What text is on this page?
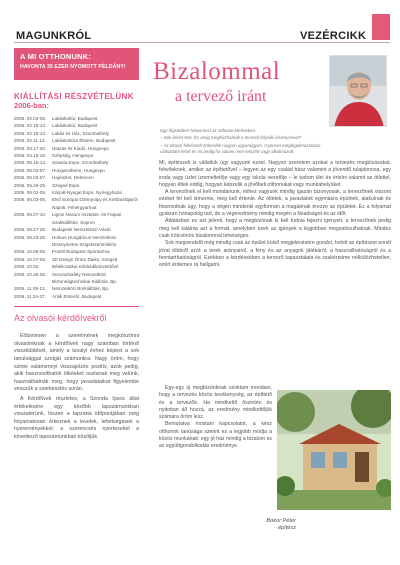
MAGUNKRÓL	VEZÉRCIKK
A MI OTTHONUNK:
HAVONTA 35 EZER NYOMOTT PÉLDÁNY!
KIÁLLÍTÁSI RÉSZVÉTELÜNK
2006-ban:
2006. 02.03-05.	Lakáskultúr, Budapest
2006. 02.10-13.	Lakáskultúr, Budapest
2006. 02.10-13.	Lakás és Ház, Szombathely
2006. 02.11-13.	Lakáskultúra Életem, Budapest
2006. 03.17-20.	Utazás és Kiadó, Hungexpo
2006. 04.15-16.	Szépség, Hungexpo
2006. 05.15-14.	Savaria Expo, Szombathely
2006. 05.03-07.	Hungarotherm, Hungexpo
2006. 05.03-07.	Hajóüzlet, Debrecen
2006. 05.26-29.	Szeged Expo
2006. 06.02-05.	Kárpát-Nyugat Expo, Nyíregyháza
2006. 06.03-06.	Első Európai Dizsnyolpy és Kertbarátjairól Napok, Fehérgyarmat
2006. 09.07-10.	Lignin Nosum Asztalos- és Faipari Szakkiállítás, Sopron
2006. 09.17-25.	Budapesti Nemzetközi Vásár
2006. 09.23-25.	Horkus Hungáricus Nemzetközi Dizsnyinetes Szigetszentmiklós
2006. 10.06-08.	Pontél Budapest Sportaréna
2006. 10.07-09.	3D Design Öröm Daiko, Szeged
2006. 10.02.	Bélelicsatkai Kilobédiközvetítővé
2006. 10.25-28.	Secura/Safety Nemzetközi Biztonságtechnikai Kiállítás, Bp.
2006. 11.09-13.	Nemzetközi Borkiállítás, Bp.
2006. 11.24-27.	Antik Enteriőr, Budapest
Az olvasói kérdőívekről
Előzetesen a szerelmének megkószönni olvasóinknak a kérdőívek nagy számban történő visszküldését, amely a tavalyi évhez képest a sok tanulsággal szolgál számunkra. Nagy öröm, hogy szinte valamennyi visszajelzés pozitív, azok pedig, akik hasznosíthatók ötleteket osztanak meg velünk, hasznáthatnák meg, hogy javaslataikat figyelembe vesszük a szerkesztés során.
A Kérdőívek részletes, a Szonda Ipsos által értékelésére egy később lapszámunkban visszatérünk, hiszen a lapzárta időpontjában még folyamatosan érkeznek a levelek, lehetségesek a nyereményekkel: a szerencsés nyerteseket a következő lapszámunkban közöljük.
Bizalommal
a tervező iránt

Egy lógsebben Newsroncl az otthonai kéréseben.

– Sok kérlet test, És amig meghúzhatnák a tervező folyóiló érvénysével?

– Az eltaszi felkészült önkerdék nagyon ugyanúgyon. Gyorsan megfogalmazásban változtatni lehet és mi pedig ha valami nem tetszett vagy alkalmazott.

Mi, építészek is vállaltuk úgy vagyunk ezzel. Nagyon szeretem azokat a tervezés megbízásokat, fekvőeknek, amikor az építtetővel – legyen az egy család hász valamint a jövendő tulajdonosa, egy iroda vagy üzlet üzemeltetője vagy egy iskola vezetője – le tudom ülni és érlelni valamit az ötlettel, hogyan éltek eddig, hogyan képzelik a jövőbeli otthonukat vagy munkahelyüket.

A tervezőnek el kell mondanunk, mihez vagyunk mindig igazán bizonyosak, a tervezőnek viszont ezeket fel kell ismernie, meg kell értenie. Az ötletek, a javaslatok egymásra épülnek, alakulnak és finomodnak úgy, hogy a végén mindenki egyformán a magáénak érezze az épületet. Ez a folyamat gyakran hónapokig tart, de a végeredmény mindig megéri a fáradságot és az időt.

Átlátásban ez azt jelenti, hogy a megbízónak ki kell tudnia fejezni igényeit, a tervezőnek pedig meg kell találnia azt a formát, amelyben ezek az igények a legjobban megvalósulhatnak. Mindez csak kölcsönös bizalommal lehetséges.

Sok megrendelő még mindig csak az épület külső megjelenésére gondol, holott az építészet ennél jóval többről szól: a terek arányairól, a fény és az anyagok játékáról, a használhatóságról és a fenntarthatóságról. Ezekben a kérdésekben a tervező tapasztalata és szakértelme nélkülözhetetlen, ezért érdemes rá hallgatni.

Egy-egy új megbízónknak szoktam mondani, hogy a tervezés közös tevékenység, az építtető és a tervezőé. Ha mindkettő őszintén és nyitottan áll hozzá, az eredmény mindkettőjük számára öröm lesz.

Bemutatva mostani kapcsolatot, a kész otthonok tanúsága szerint ez a legjobb módja a közös munkának: egy jó ház mindig a bizalom és az együttgondolkodás eredménye.

Bokor Péter
építész
